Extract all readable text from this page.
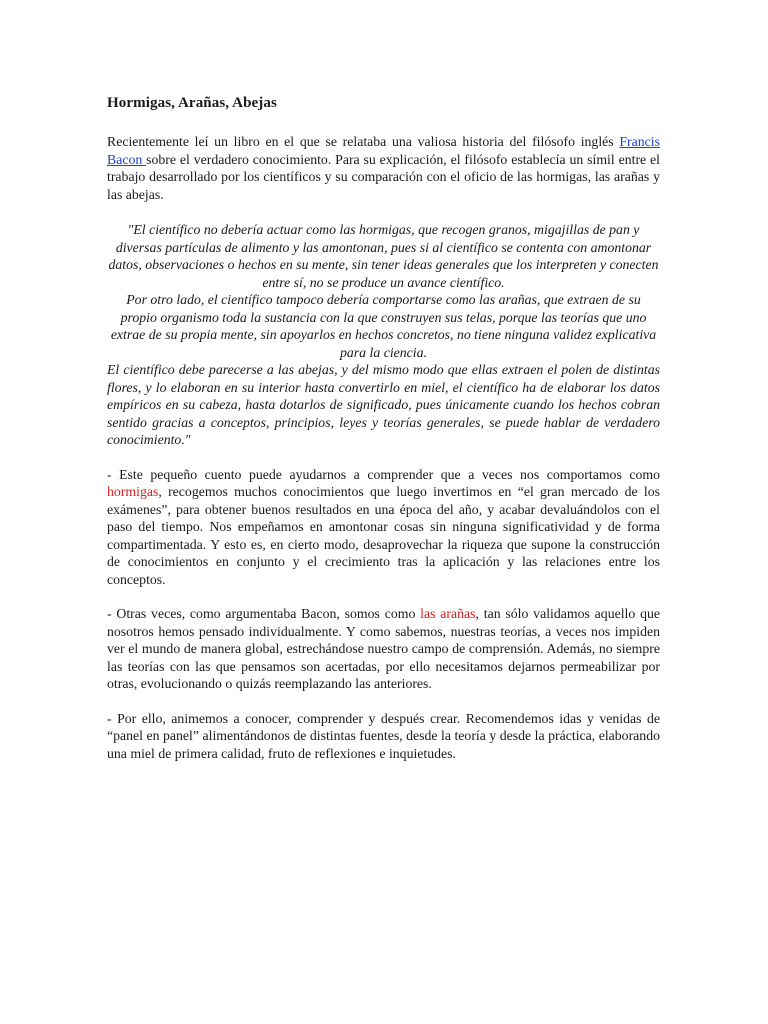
Hormigas, Arañas, Abejas

Recientemente leí un libro en el que se relataba una valiosa historia del filósofo inglés Francis Bacon sobre el verdadero conocimiento. Para su explicación, el filósofo establecía un símil entre el trabajo desarrollado por los científicos y su comparación con el oficio de las hormigas, las arañas y las abejas.

"El científico no debería actuar como las hormigas, que recogen granos, migajillas de pan y diversas partículas de alimento y las amontonan, pues si al científico se contenta con amontonar datos, observaciones o hechos en su mente, sin tener ideas generales que los interpreten y conecten entre sí, no se produce un avance científico.

Por otro lado, el científico tampoco debería comportarse como las arañas, que extraen de su propio organismo toda la sustancia con la que construyen sus telas, porque las teorías que uno extrae de su propia mente, sin apoyarlos en hechos concretos, no tiene ninguna validez explicativa para la ciencia.

El científico debe parecerse a las abejas, y del mismo modo que ellas extraen el polen de distintas flores, y lo elaboran en su interior hasta convertirlo en miel, el científico ha de elaborar los datos empíricos en su cabeza, hasta dotarlos de significado, pues únicamente cuando los hechos cobran sentido gracias a conceptos, principios, leyes y teorías generales, se puede hablar de verdadero conocimiento."

- Este pequeño cuento puede ayudarnos a comprender que a veces nos comportamos como hormigas, recogemos muchos conocimientos que luego invertimos en “el gran mercado de los exámenes”, para obtener buenos resultados en una época del año, y acabar devaluándolos con el paso del tiempo. Nos empeñamos en amontonar cosas sin ninguna significatividad y de forma compartimentada. Y esto es, en cierto modo, desaprovechar la riqueza que supone la construcción de conocimientos en conjunto y el crecimiento tras la aplicación y las relaciones entre los conceptos.

- Otras veces, como argumentaba Bacon, somos como las arañas, tan sólo validamos aquello que nosotros hemos pensado individualmente. Y como sabemos, nuestras teorías, a veces nos impiden ver el mundo de manera global, estrechándose nuestro campo de comprensión. Además, no siempre las teorías con las que pensamos son acertadas, por ello necesitamos dejarnos permeabilizar por otras, evolucionando o quizás reemplazando las anteriores.

- Por ello, animemos a conocer, comprender y después crear. Recomendemos idas y venidas de “panel en panel” alimentándonos de distintas fuentes, desde la teoría y desde la práctica, elaborando una miel de primera calidad, fruto de reflexiones e inquietudes.
